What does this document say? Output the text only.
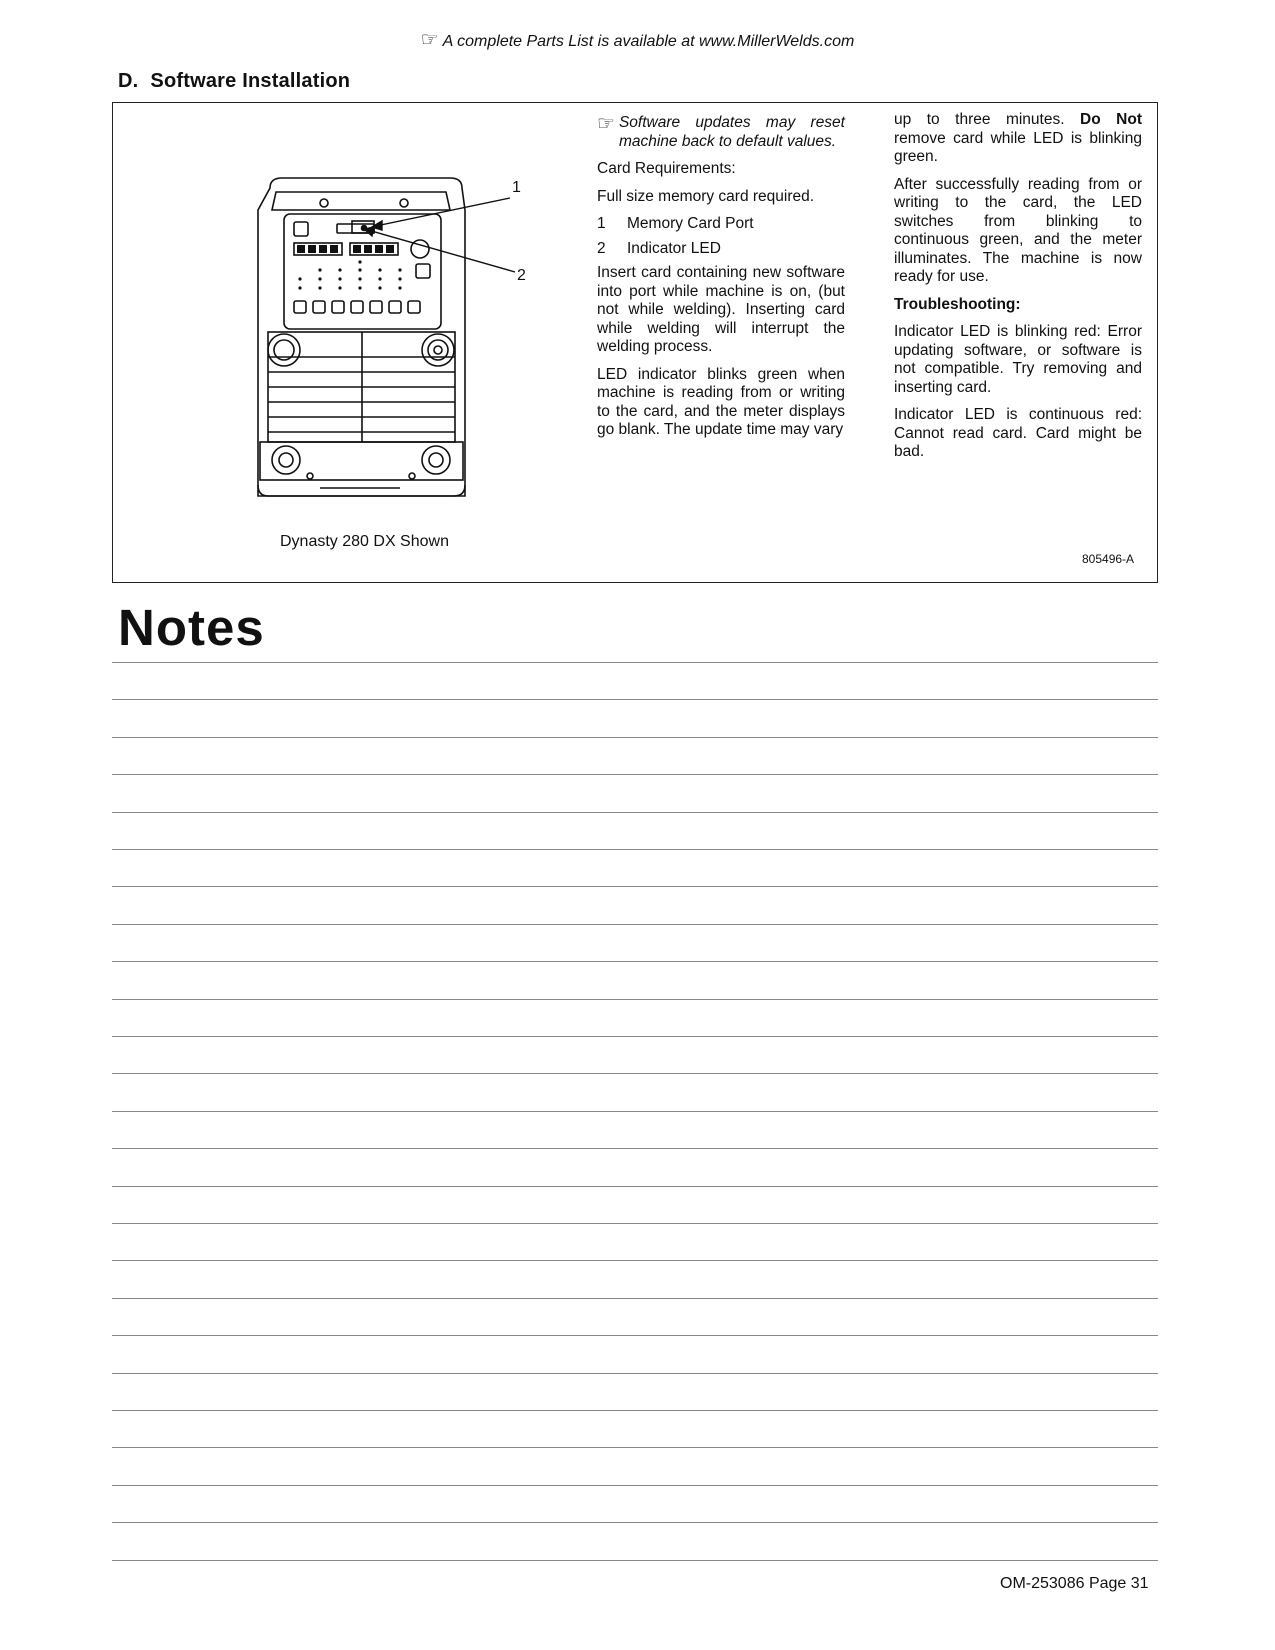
☞ A complete Parts List is available at www.MillerWelds.com
D. Software Installation
1
2
Dynasty 280 DX Shown
☞ Software updates may reset machine back to default values.

Card Requirements:

Full size memory card required.

1	Memory Card Port
2	Indicator LED

Insert card containing new software into port while machine is on, (but not while welding). Inserting card while welding will interrupt the welding process.

LED indicator blinks green when machine is reading from or writing to the card, and the meter displays go blank. The update time may vary

up to three minutes. Do Not remove card while LED is blinking green.

After successfully reading from or writing to the card, the LED switches from blinking to continuous green, and the meter illuminates. The machine is now ready for use.

Troubleshooting:

Indicator LED is blinking red: Error updating software, or software is not compatible. Try removing and inserting card.

Indicator LED is continuous red: Cannot read card. Card might be bad.

805496-A
Notes
OM-253086 Page 31
